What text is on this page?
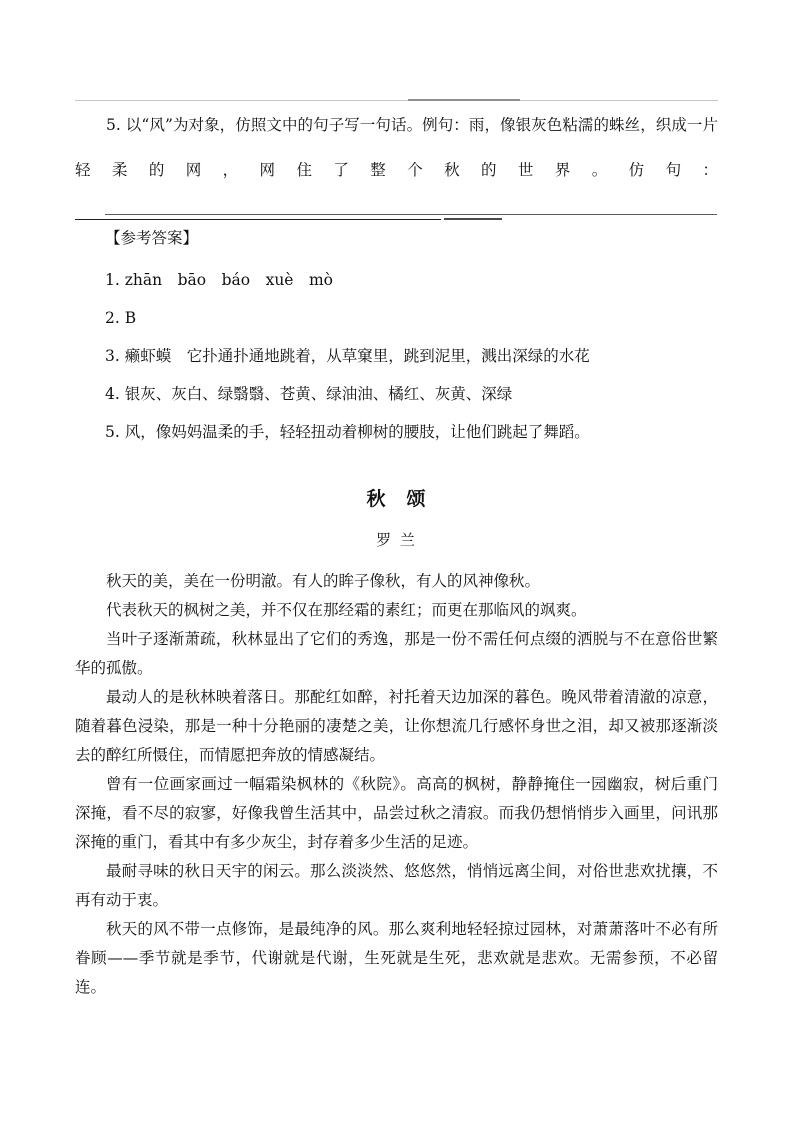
5. 以“风”为对象，仿照文中的句子写一句话。例句：雨，像银灰色粘濡的蛛丝，织成一片轻柔的网，网住了整个秋的世界。仿句：
【参考答案】
1. zhān　bāo　báo　xuè　mò
2. B
3. 癞虾蟆　它扑通扑通地跳着，从草窠里，跳到泥里，溅出深绿的水花
4. 银灰、灰白、绿翳翳、苍黄、绿油油、橘红、灰黄、深绿
5. 风，像妈妈温柔的手，轻轻扭动着柳树的腰肢，让他们跳起了舞蹈。
秋　颂
罗 兰

秋天的美，美在一份明澈。有人的眸子像秋，有人的风神像秋。

代表秋天的枫树之美，并不仅在那经霜的素红；而更在那临风的飒爽。

当叶子逐渐萧疏，秋林显出了它们的秀逸，那是一份不需任何点缀的洒脱与不在意俗世繁华的孤傲。

最动人的是秋林映着落日。那酡红如醉，衬托着天边加深的暮色。晚风带着清澈的凉意，随着暮色浸染，那是一种十分艳丽的凄楚之美，让你想流几行感怀身世之泪，却又被那逐渐淡去的醉红所慑住，而情愿把奔放的情感凝结。

曾有一位画家画过一幅霜染枫林的《秋院》。高高的枫树，静静掩住一园幽寂，树后重门深掩，看不尽的寂寥，好像我曾生活其中，品尝过秋之清寂。而我仍想悄悄步入画里，问讯那深掩的重门，看其中有多少灰尘，封存着多少生活的足迹。

最耐寻味的秋日天宇的闲云。那么淡淡然、悠悠然，悄悄远离尘间，对俗世悲欢扰攘，不再有动于衷。

秋天的风不带一点修饰，是最纯净的风。那么爽利地轻轻掠过园林，对萧萧落叶不必有所眷顾——季节就是季节，代谢就是代谢，生死就是生死，悲欢就是悲欢。无需参预，不必留连。
